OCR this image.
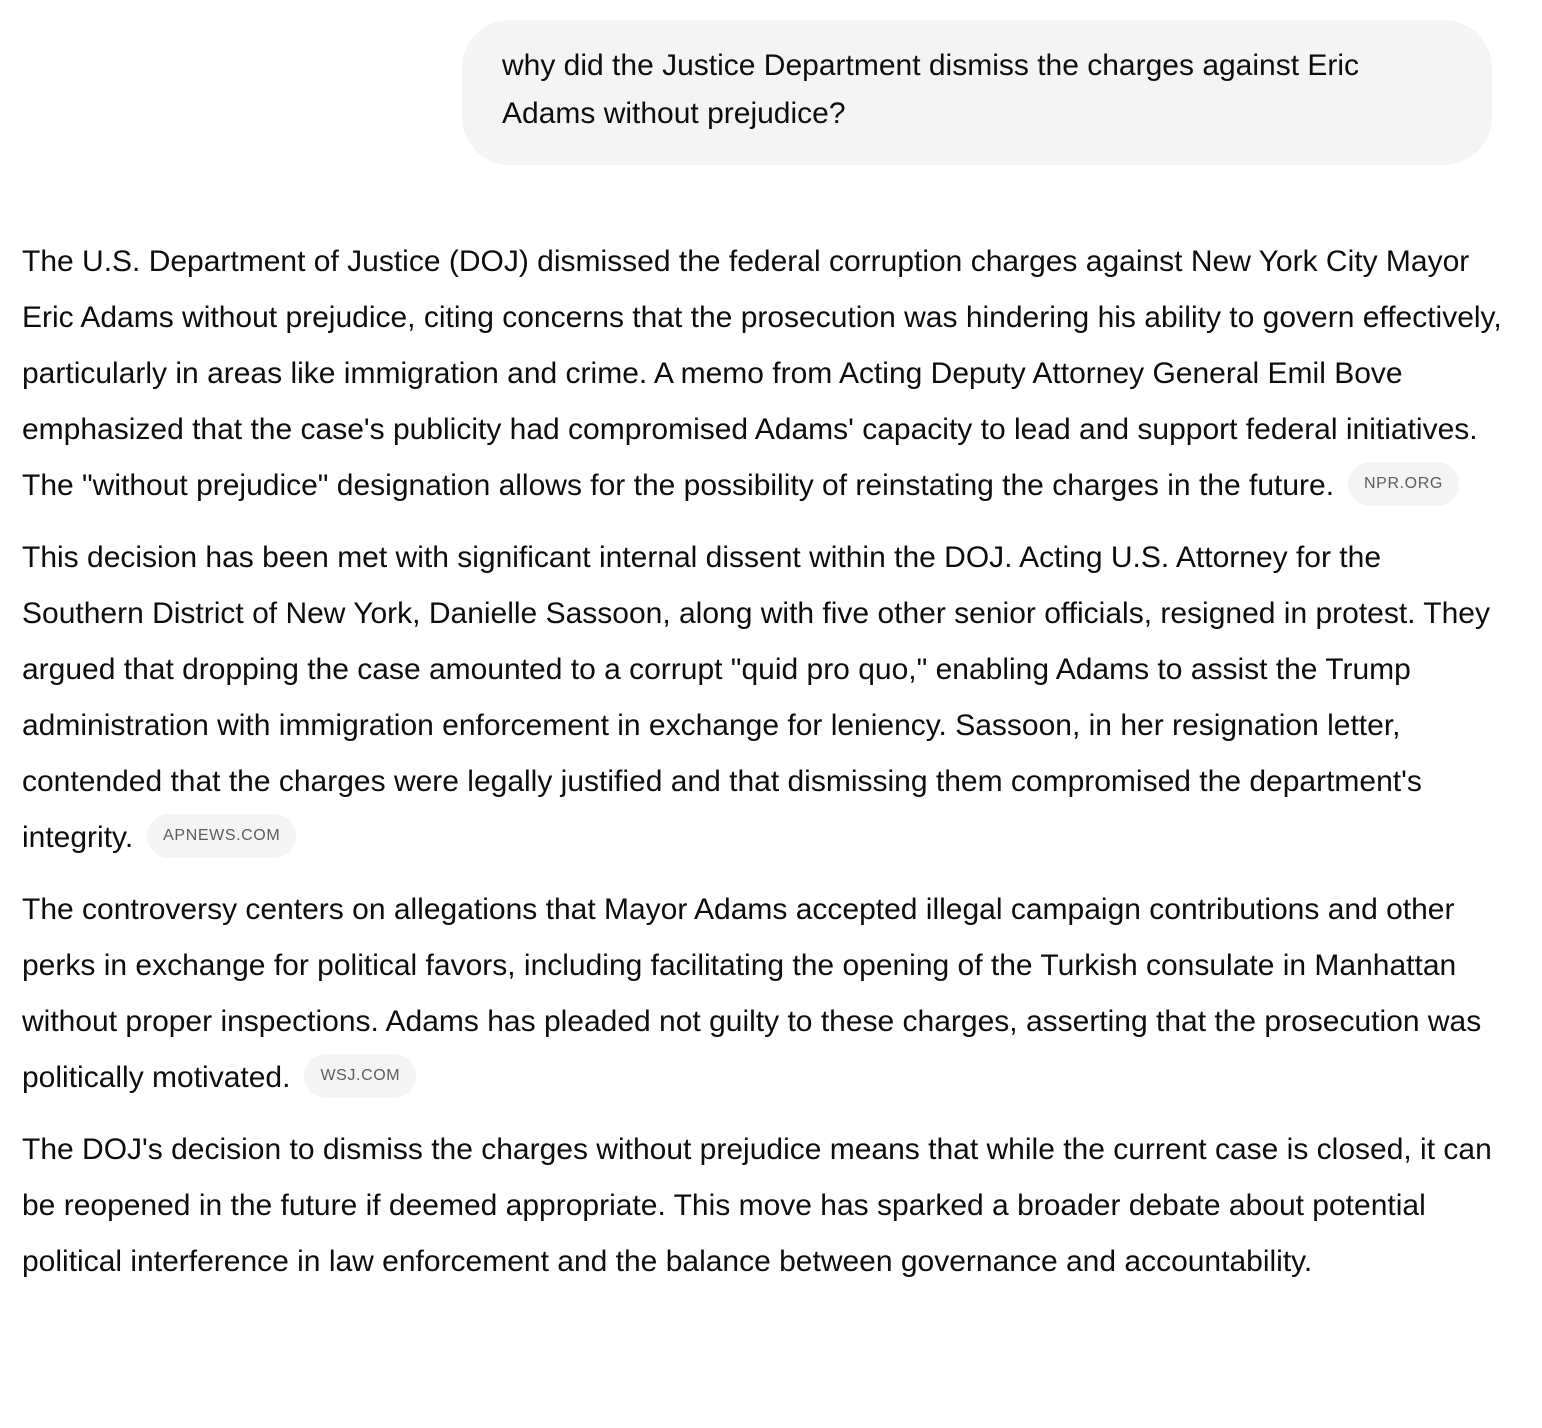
why did the Justice Department dismiss the charges against Eric Adams without prejudice?

The U.S. Department of Justice (DOJ) dismissed the federal corruption charges against New York City Mayor Eric Adams without prejudice, citing concerns that the prosecution was hindering his ability to govern effectively, particularly in areas like immigration and crime. A memo from Acting Deputy Attorney General Emil Bove emphasized that the case's publicity had compromised Adams' capacity to lead and support federal initiatives. The "without prejudice" designation allows for the possibility of reinstating the charges in the future. NPR.ORG

This decision has been met with significant internal dissent within the DOJ. Acting U.S. Attorney for the Southern District of New York, Danielle Sassoon, along with five other senior officials, resigned in protest. They argued that dropping the case amounted to a corrupt "quid pro quo," enabling Adams to assist the Trump administration with immigration enforcement in exchange for leniency. Sassoon, in her resignation letter, contended that the charges were legally justified and that dismissing them compromised the department's integrity. APNEWS.COM

The controversy centers on allegations that Mayor Adams accepted illegal campaign contributions and other perks in exchange for political favors, including facilitating the opening of the Turkish consulate in Manhattan without proper inspections. Adams has pleaded not guilty to these charges, asserting that the prosecution was politically motivated. WSJ.COM

The DOJ's decision to dismiss the charges without prejudice means that while the current case is closed, it can be reopened in the future if deemed appropriate. This move has sparked a broader debate about potential political interference in law enforcement and the balance between governance and accountability.
